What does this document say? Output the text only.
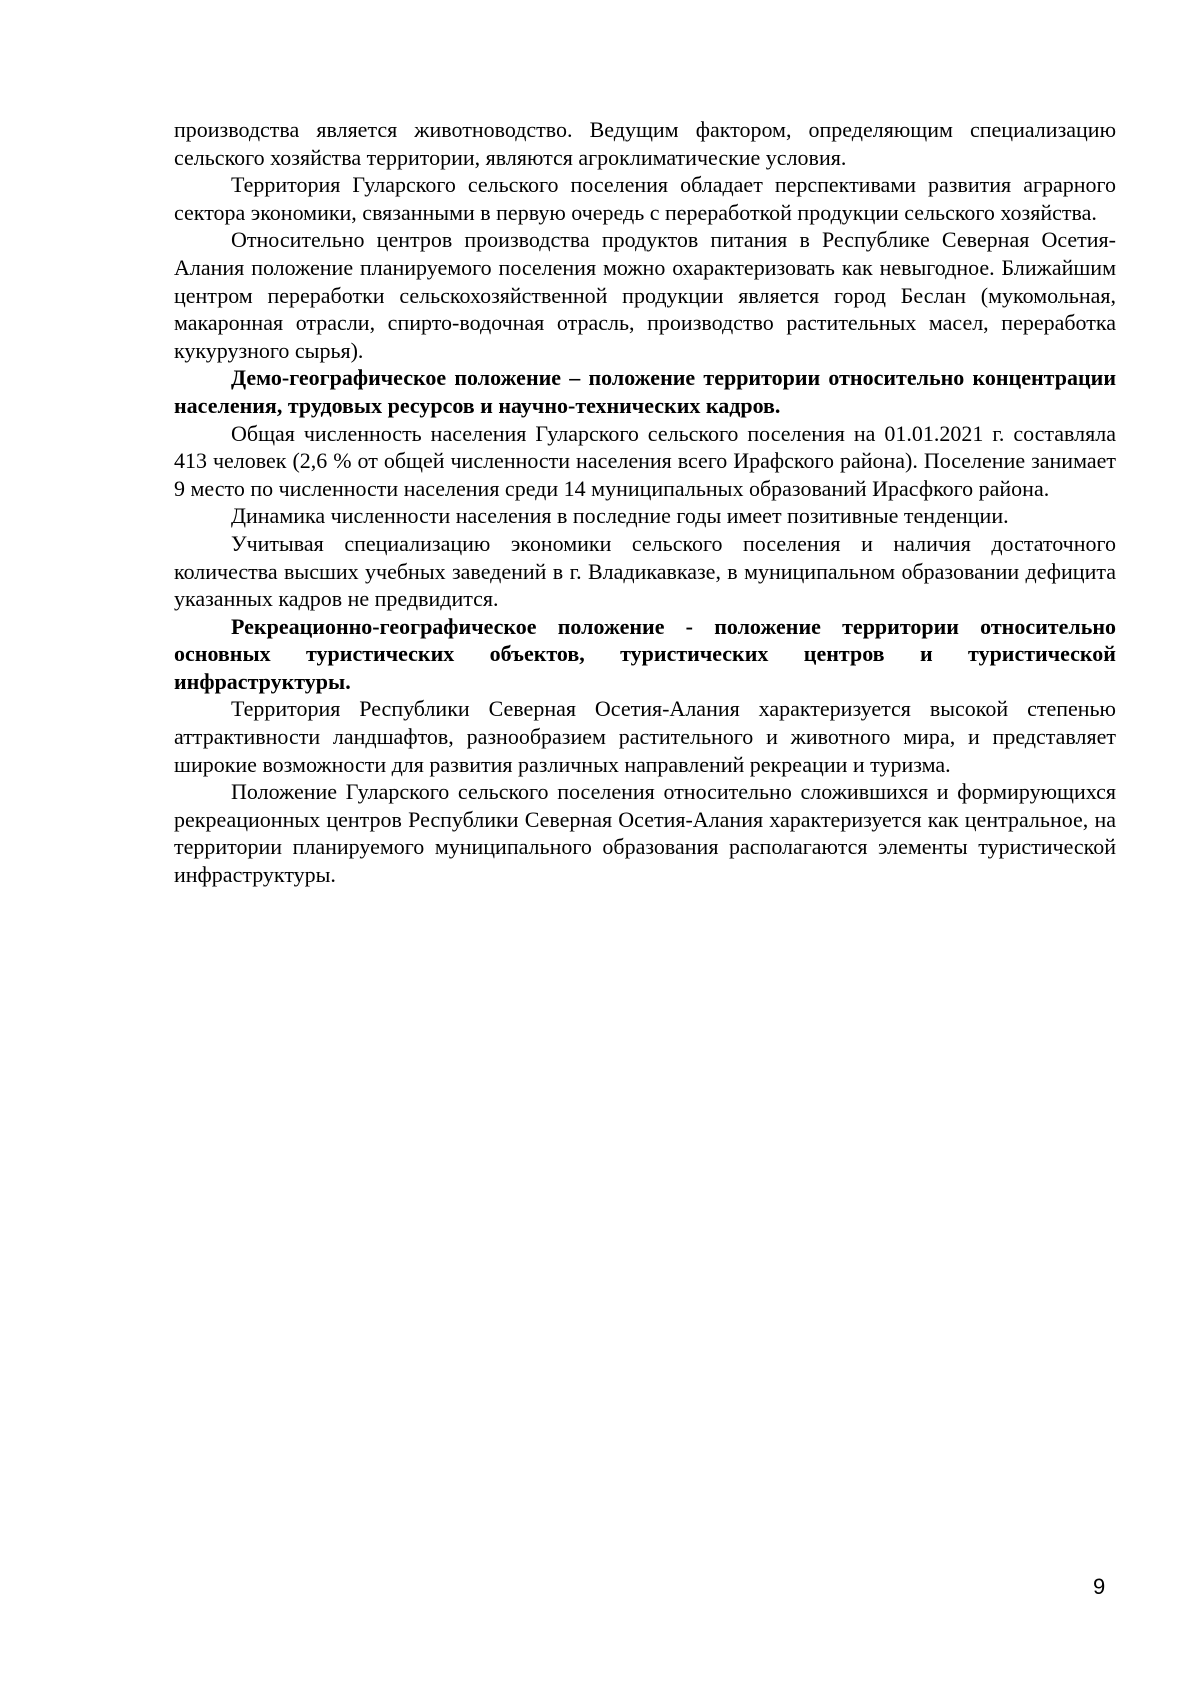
производства является животноводство. Ведущим фактором, определяющим специализацию сельского хозяйства территории, являются агроклиматические условия.

Территория Гуларского сельского поселения обладает перспективами развития аграрного сектора экономики, связанными в первую очередь с переработкой продукции сельского хозяйства.

Относительно центров производства продуктов питания в Республике Северная Осетия-Алания положение планируемого поселения можно охарактеризовать как невыгодное. Ближайшим центром переработки сельскохозяйственной продукции является город Беслан (мукомольная, макаронная отрасли, спирто-водочная отрасль, производство растительных масел, переработка кукурузного сырья).

Демо-географическое положение – положение территории относительно концентрации населения, трудовых ресурсов и научно-технических кадров.

Общая численность населения Гуларского сельского поселения на 01.01.2021 г. составляла 413 человек (2,6 % от общей численности населения всего Ирафского района). Поселение занимает 9 место по численности населения среди 14 муниципальных образований Ирасфкого района.

Динамика численности населения в последние годы имеет позитивные тенденции.

Учитывая специализацию экономики сельского поселения и наличия достаточного количества высших учебных заведений в г. Владикавказе, в муниципальном образовании дефицита указанных кадров не предвидится.

Рекреационно-географическое положение - положение территории относительно основных туристических объектов, туристических центров и туристической инфраструктуры.

Территория Республики Северная Осетия-Алания характеризуется высокой степенью аттрактивности ландшафтов, разнообразием растительного и животного мира, и представляет широкие возможности для развития различных направлений рекреации и туризма.

Положение Гуларского сельского поселения относительно сложившихся и формирующихся рекреационных центров Республики Северная Осетия-Алания характеризуется как центральное, на территории планируемого муниципального образования располагаются элементы туристической инфраструктуры.

9
